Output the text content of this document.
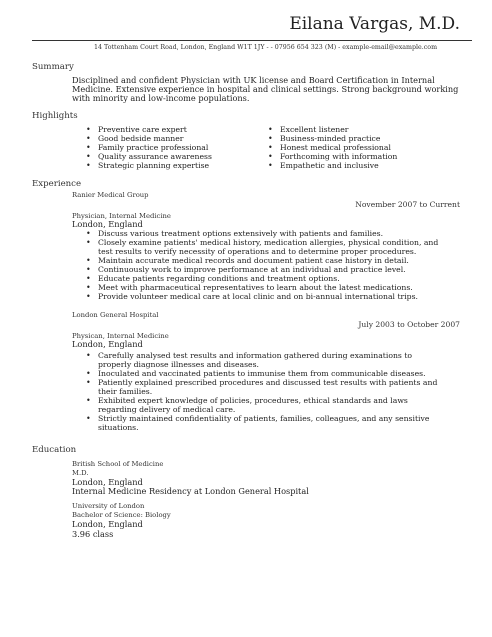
Eilana Vargas, M.D.
14 Tottenham Court Road, London, England W1T 1JY - - 07956 654 323 (M) - example-email@example.com
Summary
Disciplined and confident Physician with UK license and Board Certification in Internal Medicine. Extensive experience in hospital and clinical settings. Strong background working with minority and low-income populations.
Highlights
• Preventive care expert
• Good bedside manner
• Family practice professional
• Quality assurance awareness
• Strategic planning expertise
• Excellent listener
• Business-minded practice
• Honest medical professional
• Forthcoming with information
• Empathetic and inclusive
Experience
Ranier Medical Group
November 2007 to Current
Physician, Internal Medicine
London, England
• Discuss various treatment options extensively with patients and families.
• Closely examine patients' medical history, medication allergies, physical condition, and test results to verify necessity of operations and to determine proper procedures.
• Maintain accurate medical records and document patient case history in detail.
• Continuously work to improve performance at an individual and practice level.
• Educate patients regarding conditions and treatment options.
• Meet with pharmaceutical representatives to learn about the latest medications.
• Provide volunteer medical care at local clinic and on bi-annual international trips.
London General Hospital
July 2003 to October 2007
Physican, Internal Medicine
London, England
• Carefully analysed test results and information gathered during examinations to properly diagnose illnesses and diseases.
• Inoculated and vaccinated patients to immunise them from communicable diseases.
• Patiently explained prescribed procedures and discussed test results with patients and their families.
• Exhibited expert knowledge of policies, procedures, ethical standards and laws regarding delivery of medical care.
• Strictly maintained confidentiality of patients, families, colleagues, and any sensitive situations.
Education
British School of Medicine
M.D.
London, England
Internal Medicine Residency at London General Hospital
University of London
Bachelor of Science: Biology
London, England
3.96 class
